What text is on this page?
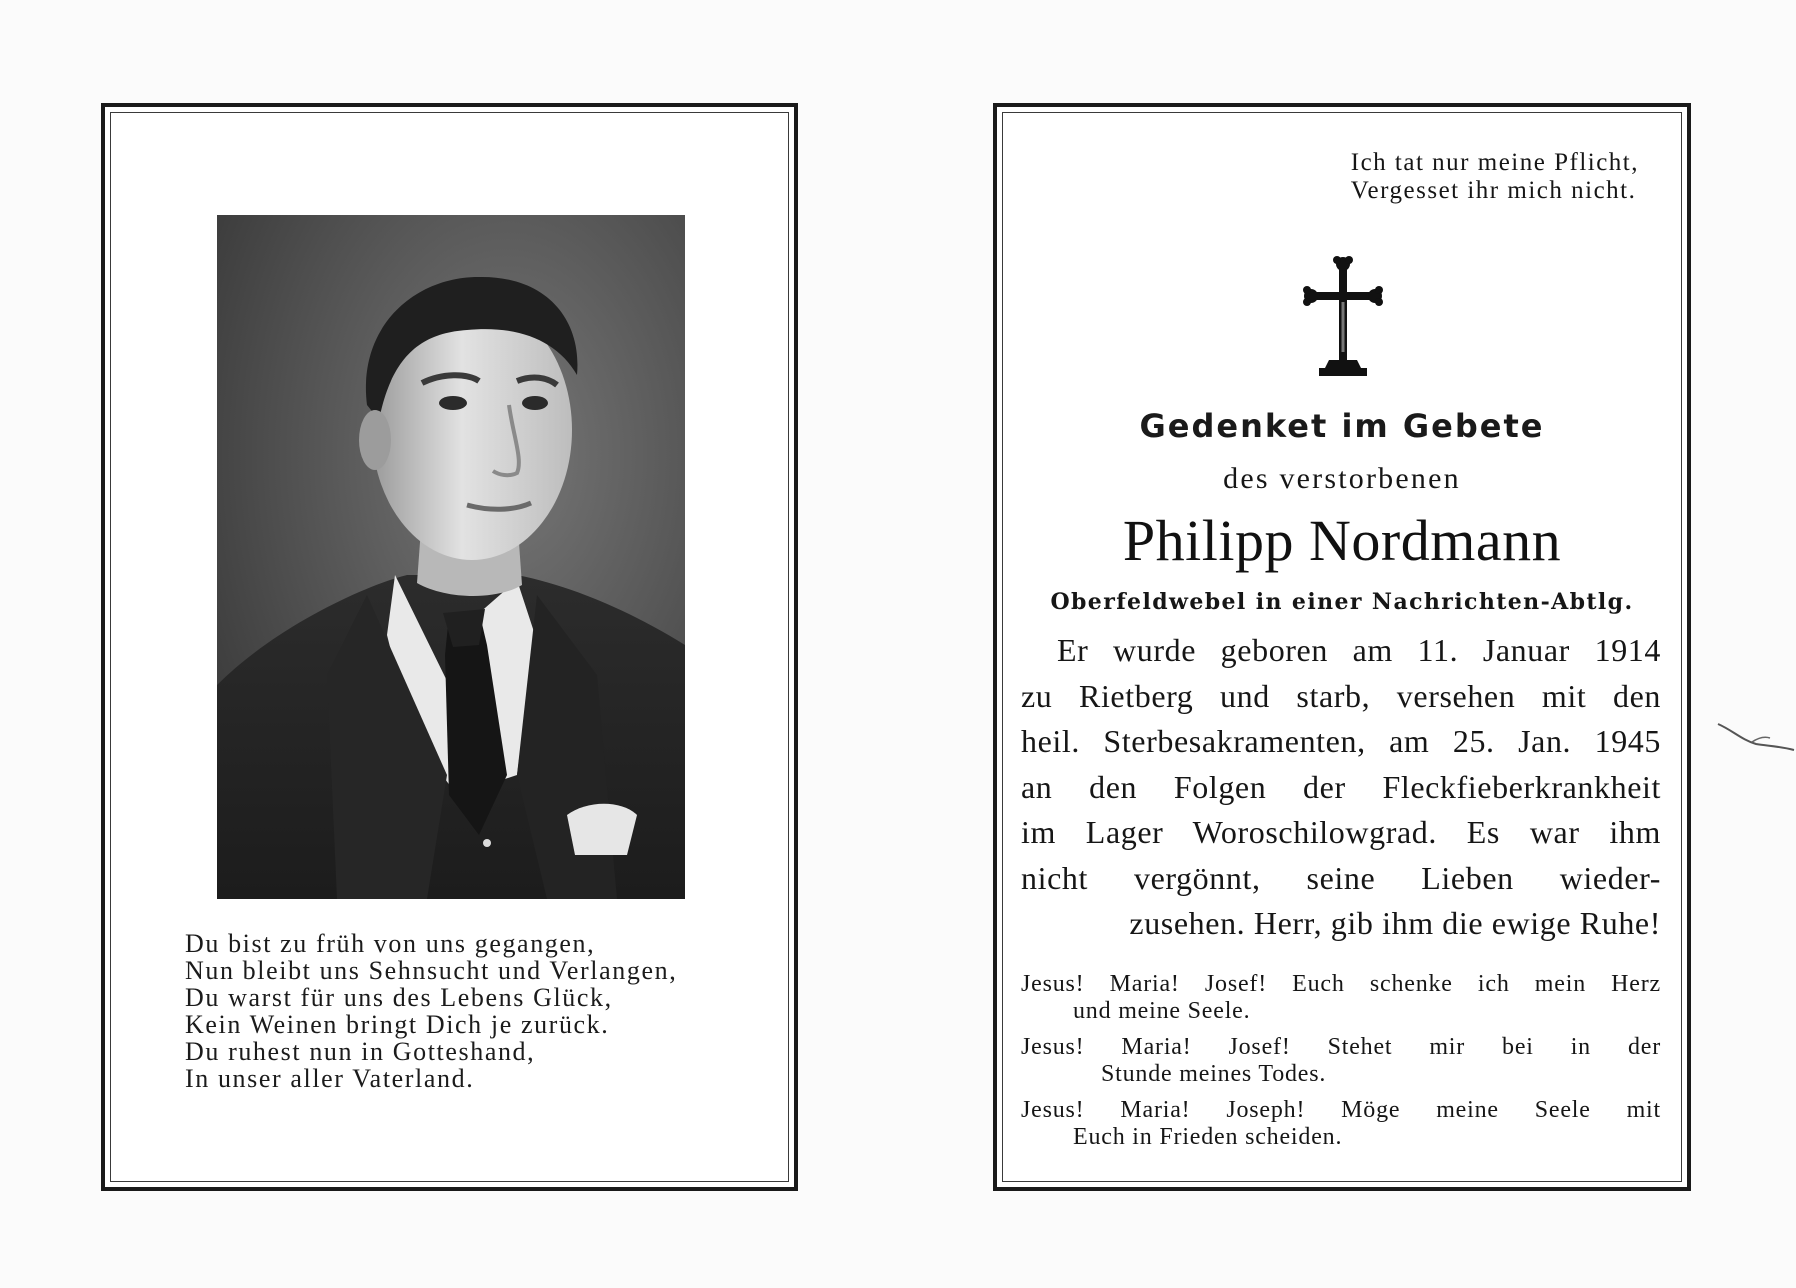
Du bist zu früh von uns gegangen,
Nun bleibt uns Sehnsucht und Verlangen,
Du warst für uns des Lebens Glück,
Kein Weinen bringt Dich je zurück.
Du ruhest nun in Gotteshand,
In unser aller Vaterland.
Ich tat nur meine Pflicht,
Vergesset ihr mich nicht.
Gedenket im Gebete
des verstorbenen
Philipp Nordmann
Oberfeldwebel in einer Nachrichten-Abtlg.
Er wurde geboren am 11. Januar 1914
zu Rietberg und starb, versehen mit den
heil. Sterbesakramenten, am 25. Jan. 1945
an den Folgen der Fleckfieberkrankheit
im Lager Woroschilowgrad. Es war ihm
nicht vergönnt, seine Lieben wieder-
zusehen. Herr, gib ihm die ewige Ruhe!
Jesus! Maria! Josef! Euch schenke ich mein Herz
und meine Seele.
Jesus! Maria! Josef! Stehet mir bei in der
Stunde meines Todes.
Jesus! Maria! Joseph! Möge meine Seele mit
Euch in Frieden scheiden.
